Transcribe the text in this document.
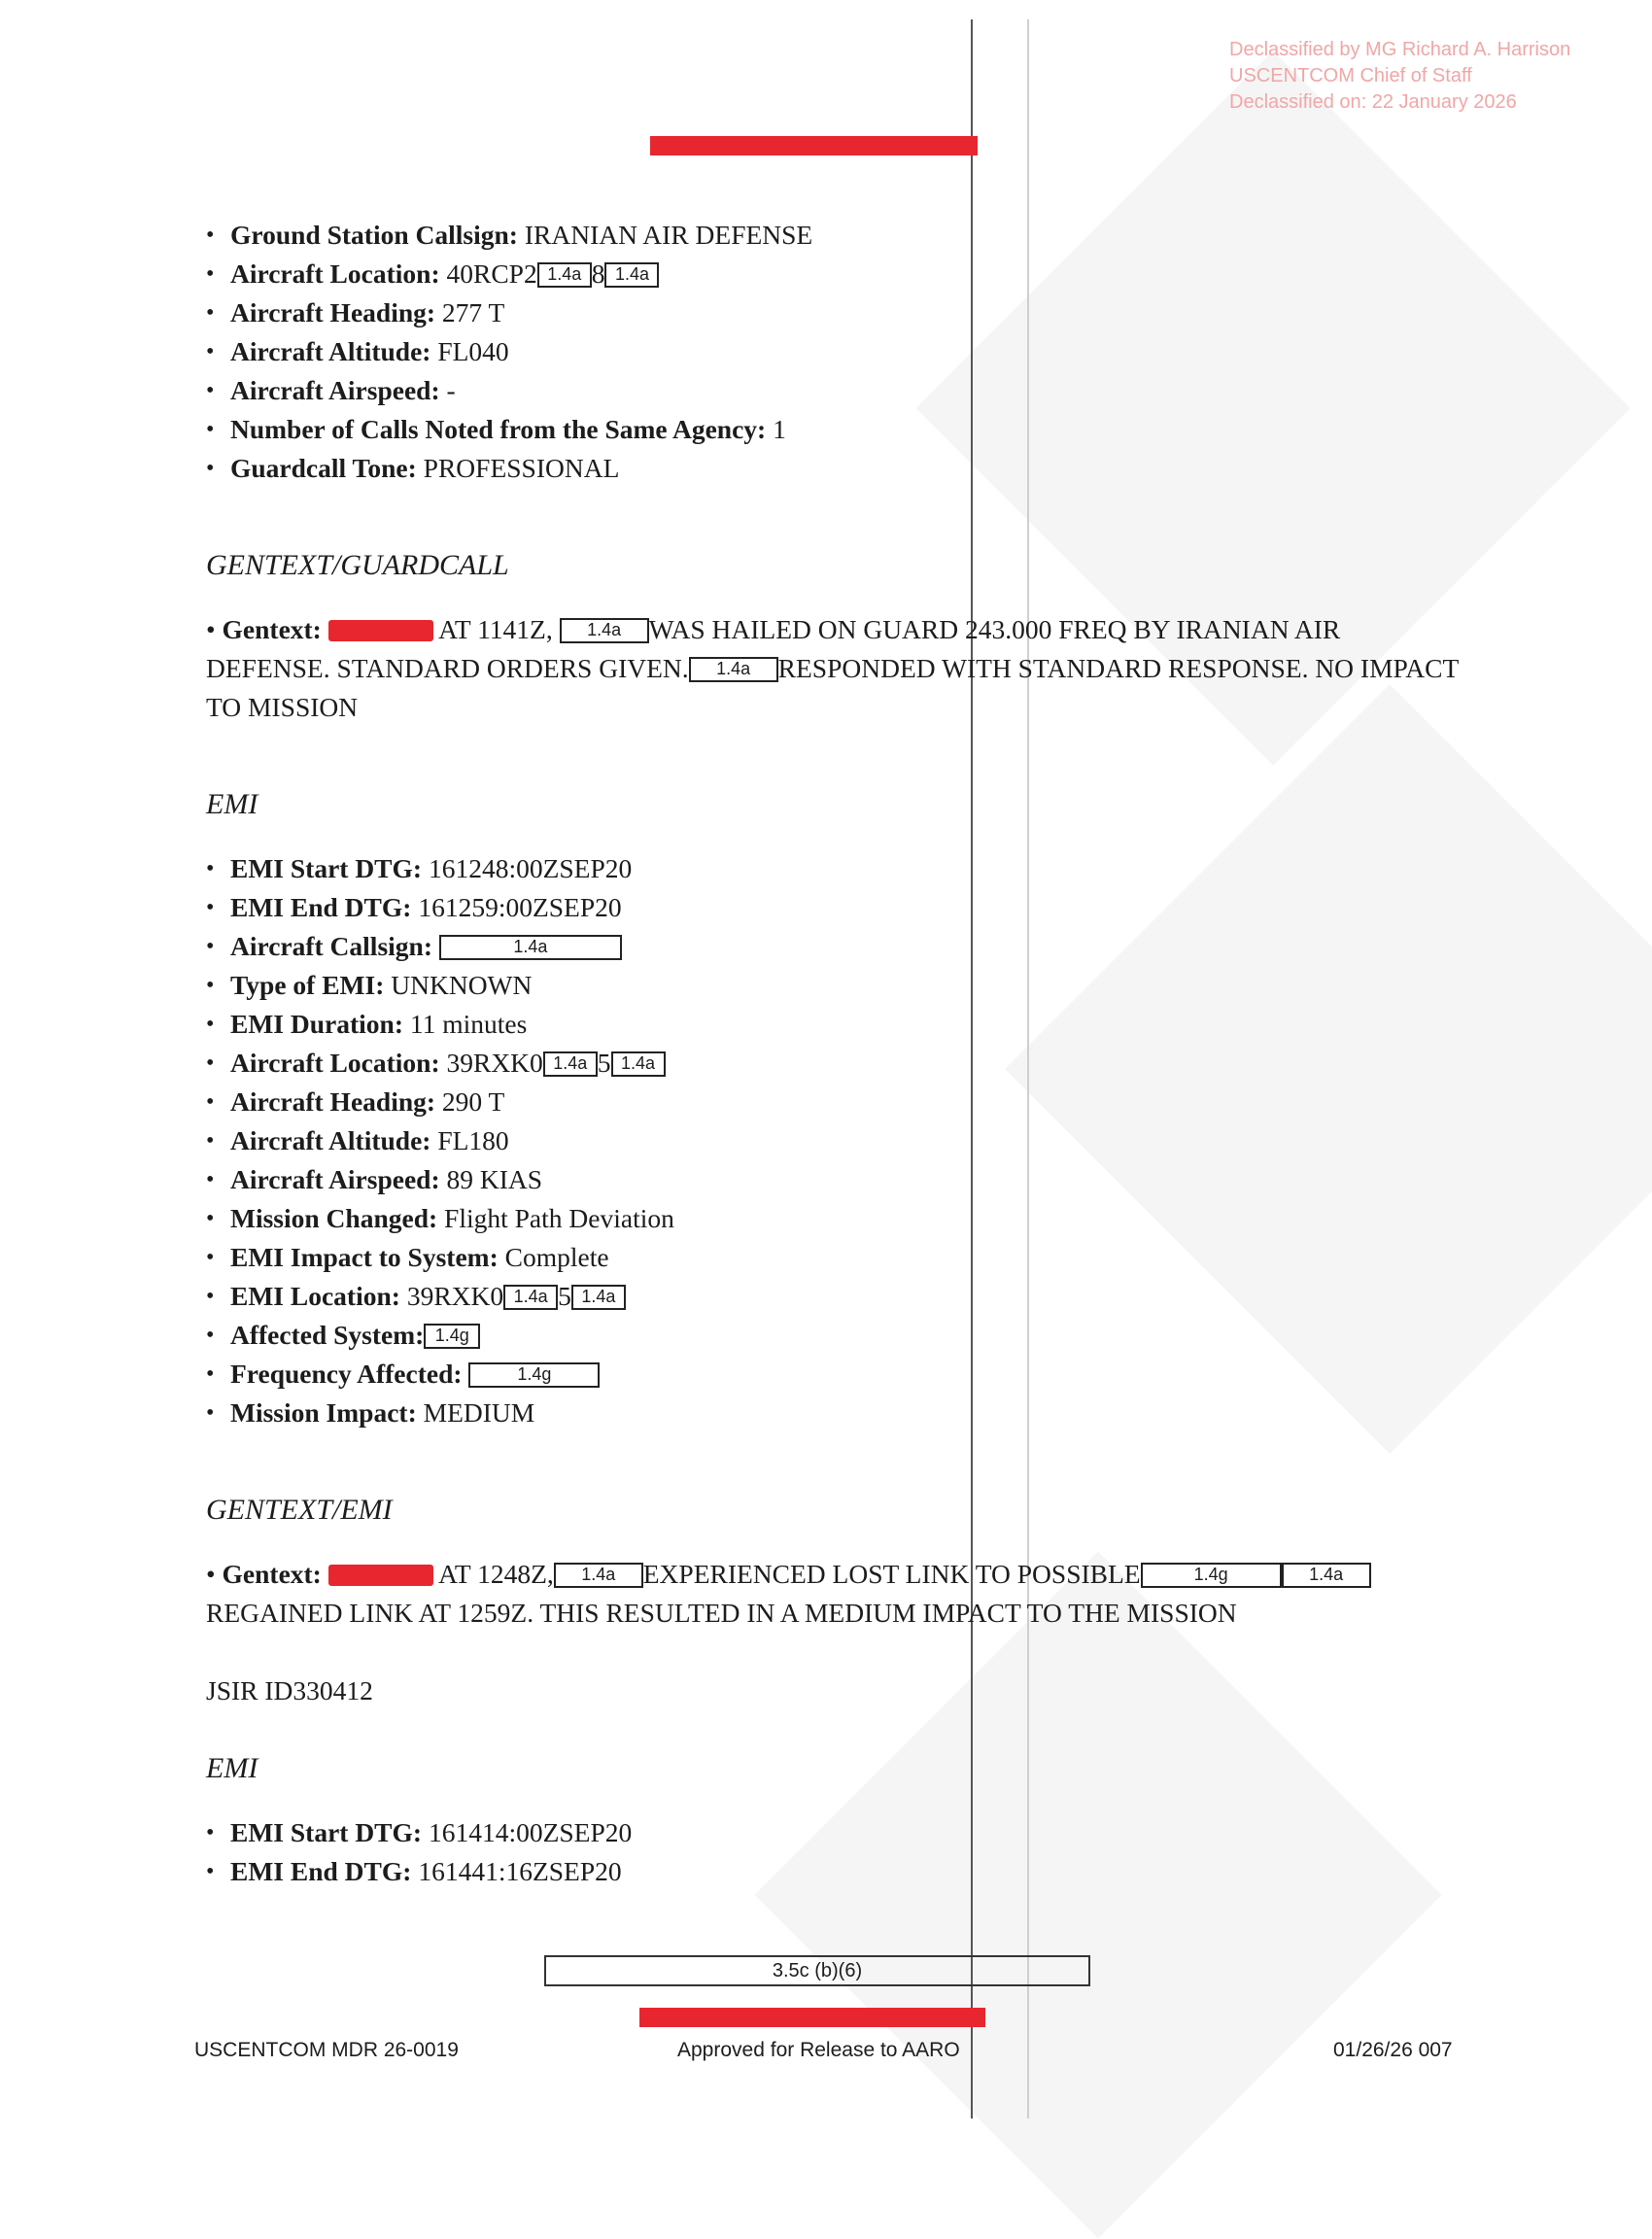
Declassified by MG Richard A. Harrison
USCENTCOM Chief of Staff
Declassified on: 22 January 2026
• Ground Station Callsign: IRANIAN AIR DEFENSE
• Aircraft Location: 40RCP2 1.4a 8 1.4a
• Aircraft Heading: 277 T
• Aircraft Altitude: FL040
• Aircraft Airspeed: -
• Number of Calls Noted from the Same Agency: 1
• Guardcall Tone: PROFESSIONAL
GENTEXT/GUARDCALL
• Gentext:	AT 1141Z, 1.4a WAS HAILED ON GUARD 243.000 FREQ BY IRANIAN AIR DEFENSE. STANDARD ORDERS GIVEN. 1.4a RESPONDED WITH STANDARD RESPONSE. NO IMPACT TO MISSION
EMI
• EMI Start DTG: 161248:00ZSEP20
• EMI End DTG: 161259:00ZSEP20
• Aircraft Callsign:	1.4a
• Type of EMI: UNKNOWN
• EMI Duration: 11 minutes
• Aircraft Location: 39RXK0 1.4a 5 1.4a
• Aircraft Heading: 290 T
• Aircraft Altitude: FL180
• Aircraft Airspeed: 89 KIAS
• Mission Changed: Flight Path Deviation
• EMI Impact to System: Complete
• EMI Location: 39RXK0 1.4a 5 1.4a
• Affected System: 1.4g
• Frequency Affected:	1.4g
• Mission Impact: MEDIUM
GENTEXT/EMI
• Gentext:	AT 1248Z, 1.4a EXPERIENCED LOST LINK TO POSSIBLE	1.4g	1.4a
REGAINED LINK AT 1259Z. THIS RESULTED IN A MEDIUM IMPACT TO THE MISSION
JSIR ID330412
EMI
• EMI Start DTG: 161414:00ZSEP20
• EMI End DTG: 161441:16ZSEP20
3.5c (b)(6)
USCENTCOM MDR 26-0019	Approved for Release to AARO	01/26/26 007
